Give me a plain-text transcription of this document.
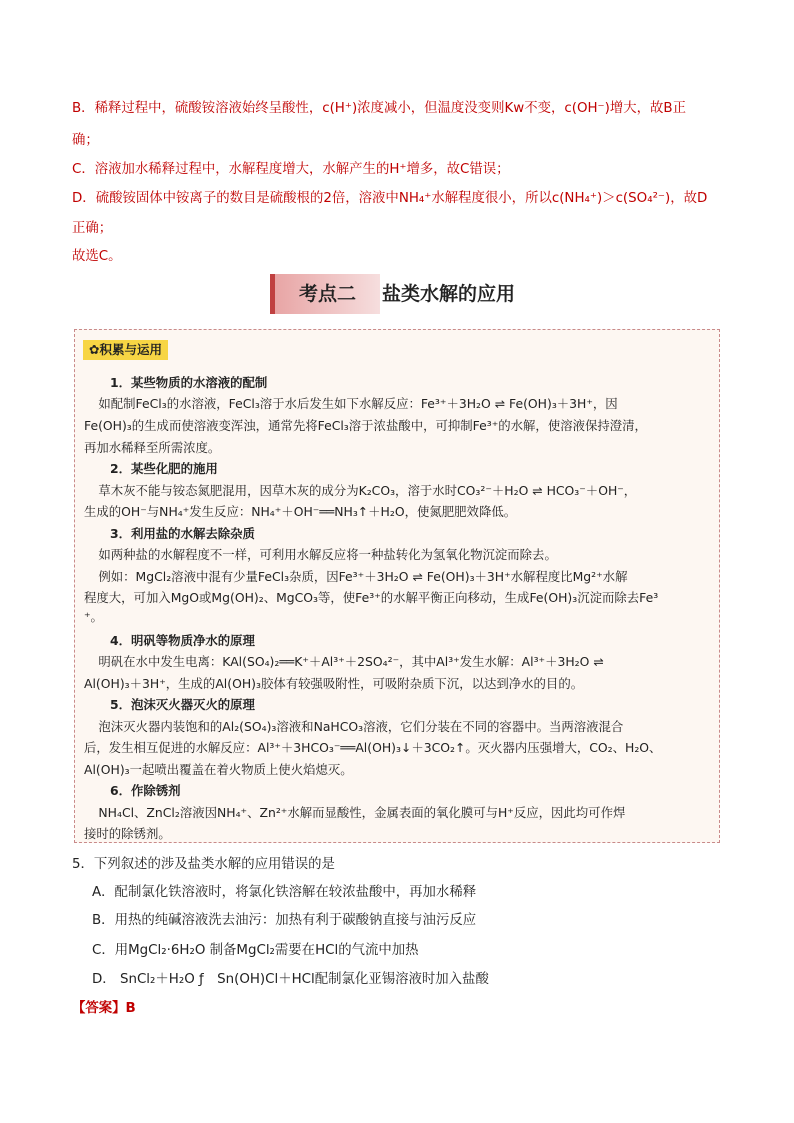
B．稀释过程中，硫酸铵溶液始终呈酸性，c(H⁺)浓度减小，但温度没变则Kw不变，c(OH⁻)增大，故B正
确；
C．溶液加水稀释过程中，水解程度增大，水解产生的H⁺增多，故C错误；
D．硫酸铵固体中铵离子的数目是硫酸根的2倍，溶液中NH₄⁺水解程度很小，所以c(NH₄⁺)＞c(SO₄²⁻)，故D
正确；
故选C。
考点二	盐类水解的应用
✿积累与运用
1．某些物质的水溶液的配制
　如配制FeCl₃的水溶液，FeCl₃溶于水后发生如下水解反应：Fe³⁺＋3H₂O ⇌ Fe(OH)₃＋3H⁺，因
Fe(OH)₃的生成而使溶液变浑浊，通常先将FeCl₃溶于浓盐酸中，可抑制Fe³⁺的水解，使溶液保持澄清，
再加水稀释至所需浓度。
2．某些化肥的施用
　草木灰不能与铵态氮肥混用，因草木灰的成分为K₂CO₃，溶于水时CO₃²⁻＋H₂O ⇌ HCO₃⁻＋OH⁻，
生成的OH⁻与NH₄⁺发生反应：NH₄⁺＋OH⁻══NH₃↑＋H₂O，使氮肥肥效降低。
3．利用盐的水解去除杂质
　如两种盐的水解程度不一样，可利用水解反应将一种盐转化为氢氧化物沉淀而除去。
　例如：MgCl₂溶液中混有少量FeCl₃杂质，因Fe³⁺＋3H₂O ⇌ Fe(OH)₃＋3H⁺水解程度比Mg²⁺水解
程度大，可加入MgO或Mg(OH)₂、MgCO₃等，使Fe³⁺的水解平衡正向移动，生成Fe(OH)₃沉淀而除去Fe³
⁺。
4．明矾等物质净水的原理
　明矾在水中发生电离：KAl(SO₄)₂══K⁺＋Al³⁺＋2SO₄²⁻，其中Al³⁺发生水解：Al³⁺＋3H₂O ⇌
Al(OH)₃＋3H⁺，生成的Al(OH)₃胶体有较强吸附性，可吸附杂质下沉，以达到净水的目的。
5．泡沫灭火器灭火的原理
　泡沫灭火器内装饱和的Al₂(SO₄)₃溶液和NaHCO₃溶液，它们分装在不同的容器中。当两溶液混合
后，发生相互促进的水解反应：Al³⁺＋3HCO₃⁻══Al(OH)₃↓＋3CO₂↑。灭火器内压强增大，CO₂、H₂O、
Al(OH)₃一起喷出覆盖在着火物质上使火焰熄灭。
6．作除锈剂
　NH₄Cl、ZnCl₂溶液因NH₄⁺、Zn²⁺水解而显酸性，金属表面的氧化膜可与H⁺反应，因此均可作焊
接时的除锈剂。
5．下列叙述的涉及盐类水解的应用错误的是
A．配制氯化铁溶液时，将氯化铁溶解在较浓盐酸中，再加水稀释
B．用热的纯碱溶液洗去油污：加热有利于碳酸钠直接与油污反应
C．用MgCl₂·6H₂O 制备MgCl₂需要在HCl的气流中加热
D． SnCl₂＋H₂O ƒ　Sn(OH)Cl＋HCl配制氯化亚锡溶液时加入盐酸
【答案】B
